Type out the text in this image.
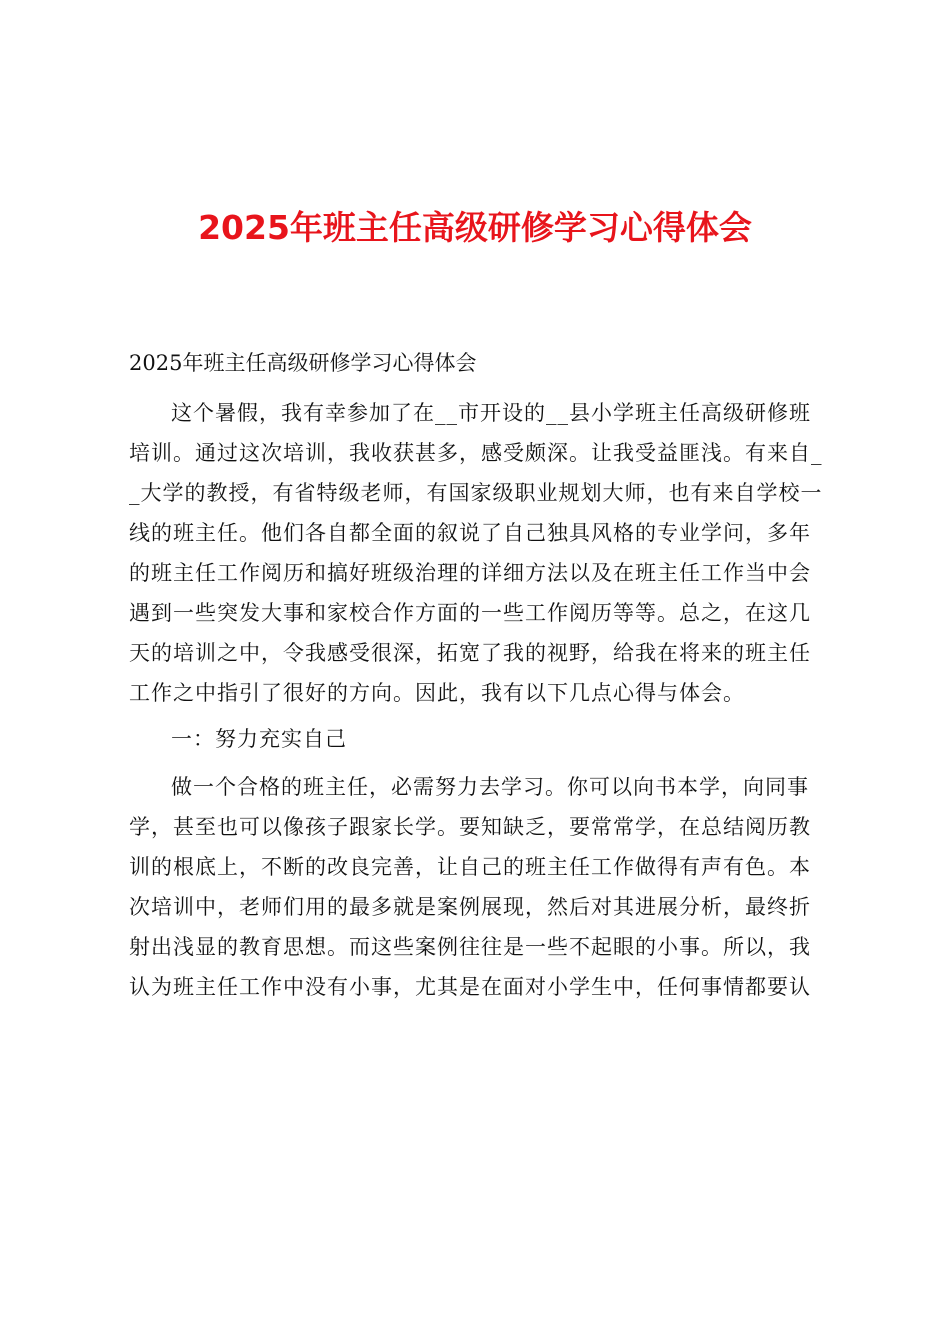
2025年班主任高级研修学习心得体会
2025年班主任高级研修学习心得体会
这个暑假，我有幸参加了在__市开设的__县小学班主任高级研修班
培训。通过这次培训，我收获甚多，感受颇深。让我受益匪浅。有来自_
_大学的教授，有省特级老师，有国家级职业规划大师，也有来自学校一
线的班主任。他们各自都全面的叙说了自己独具风格的专业学问，多年
的班主任工作阅历和搞好班级治理的详细方法以及在班主任工作当中会
遇到一些突发大事和家校合作方面的一些工作阅历等等。总之，在这几
天的培训之中，令我感受很深，拓宽了我的视野，给我在将来的班主任
工作之中指引了很好的方向。因此，我有以下几点心得与体会。
一：努力充实自己
做一个合格的班主任，必需努力去学习。你可以向书本学，向同事
学，甚至也可以像孩子跟家长学。要知缺乏，要常常学，在总结阅历教
训的根底上，不断的改良完善，让自己的班主任工作做得有声有色。本
次培训中，老师们用的最多就是案例展现，然后对其进展分析，最终折
射出浅显的教育思想。而这些案例往往是一些不起眼的小事。所以，我
认为班主任工作中没有小事，尤其是在面对小学生中，任何事情都要认
